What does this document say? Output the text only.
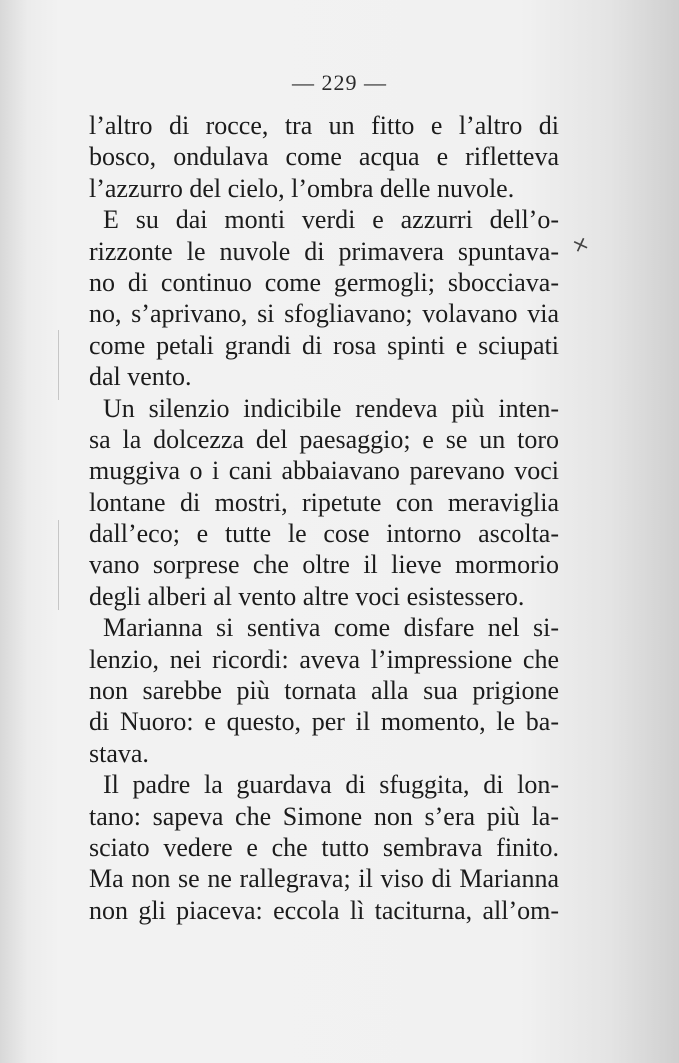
— 229 —
l’altro di rocce, tra un fitto e l’altro di
bosco, ondulava come acqua e rifletteva
l’azzurro del cielo, l’ombra delle nuvole.
E su dai monti verdi e azzurri dell’o-
rizzonte le nuvole di primavera spuntava-
no di continuo come germogli; sbocciava-
no, s’aprivano, si sfogliavano; volavano via
come petali grandi di rosa spinti e sciupati
dal vento.
Un silenzio indicibile rendeva più inten-
sa la dolcezza del paesaggio; e se un toro
muggiva o i cani abbaiavano parevano voci
lontane di mostri, ripetute con meraviglia
dall’eco; e tutte le cose intorno ascolta-
vano sorprese che oltre il lieve mormorio
degli alberi al vento altre voci esistessero.
Marianna si sentiva come disfare nel si-
lenzio, nei ricordi: aveva l’impressione che
non sarebbe più tornata alla sua prigione
di Nuoro: e questo, per il momento, le ba-
stava.
Il padre la guardava di sfuggita, di lon-
tano: sapeva che Simone non s’era più la-
sciato vedere e che tutto sembrava finito.
Ma non se ne rallegrava; il viso di Marianna
non gli piaceva: eccola lì taciturna, all’om-
×
